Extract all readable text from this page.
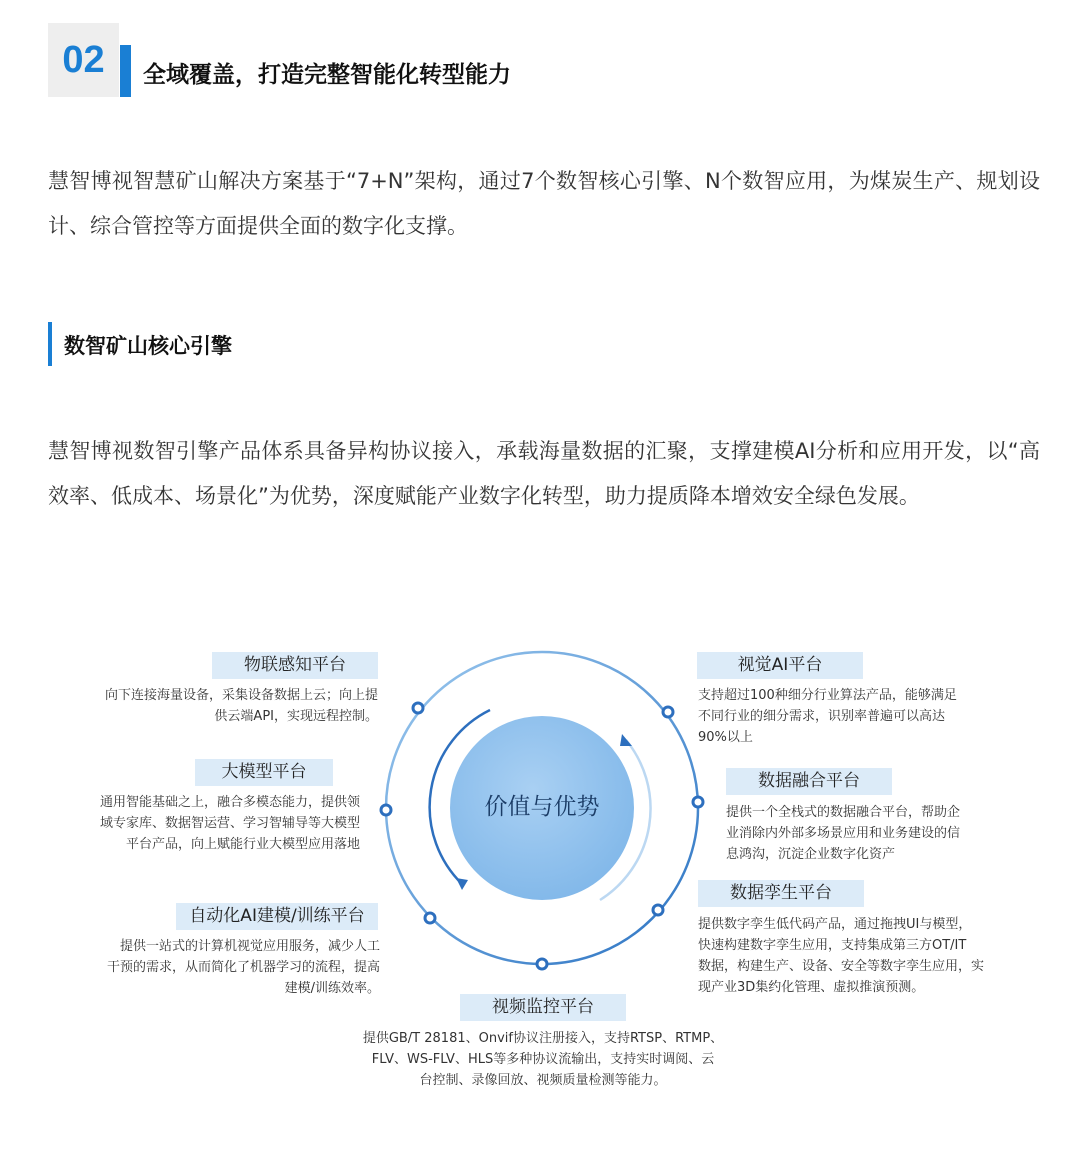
02	全域覆盖，打造完整智能化转型能力

慧智博视智慧矿山解决方案基于“7+N”架构，通过7个数智核心引擎、N个数智应用，为煤炭生产、规划设计、综合管控等方面提供全面的数字化支撑。

数智矿山核心引擎

慧智博视数智引擎产品体系具备异构协议接入，承载海量数据的汇聚，支撑建模AI分析和应用开发，以“高效率、低成本、场景化”为优势，深度赋能产业数字化转型，助力提质降本增效安全绿色发展。

价值与优势
物联感知平台
向下连接海量设备，采集设备数据上云；向上提
供云端API，实现远程控制。
大模型平台
通用智能基础之上，融合多模态能力，提供领
域专家库、数据智运营、学习智辅导等大模型
平台产品，向上赋能行业大模型应用落地
自动化AI建模/训练平台
提供一站式的计算机视觉应用服务，减少人工
干预的需求，从而简化了机器学习的流程，提高
建模/训练效率。
视频监控平台
提供GB/T 28181、Onvif协议注册接入，支持RTSP、RTMP、
FLV、WS-FLV、HLS等多种协议流输出，支持实时调阅、云
台控制、录像回放、视频质量检测等能力。
视觉AI平台
支持超过100种细分行业算法产品，能够满足
不同行业的细分需求，识别率普遍可以高达
90%以上
数据融合平台
提供一个全栈式的数据融合平台，帮助企
业消除内外部多场景应用和业务建设的信
息鸿沟，沉淀企业数字化资产
数据孪生平台
提供数字孪生低代码产品，通过拖拽UI与模型，
快速构建数字孪生应用，支持集成第三方OT/IT
数据，构建生产、设备、安全等数字孪生应用，实
现产业3D集约化管理、虚拟推演预测。
